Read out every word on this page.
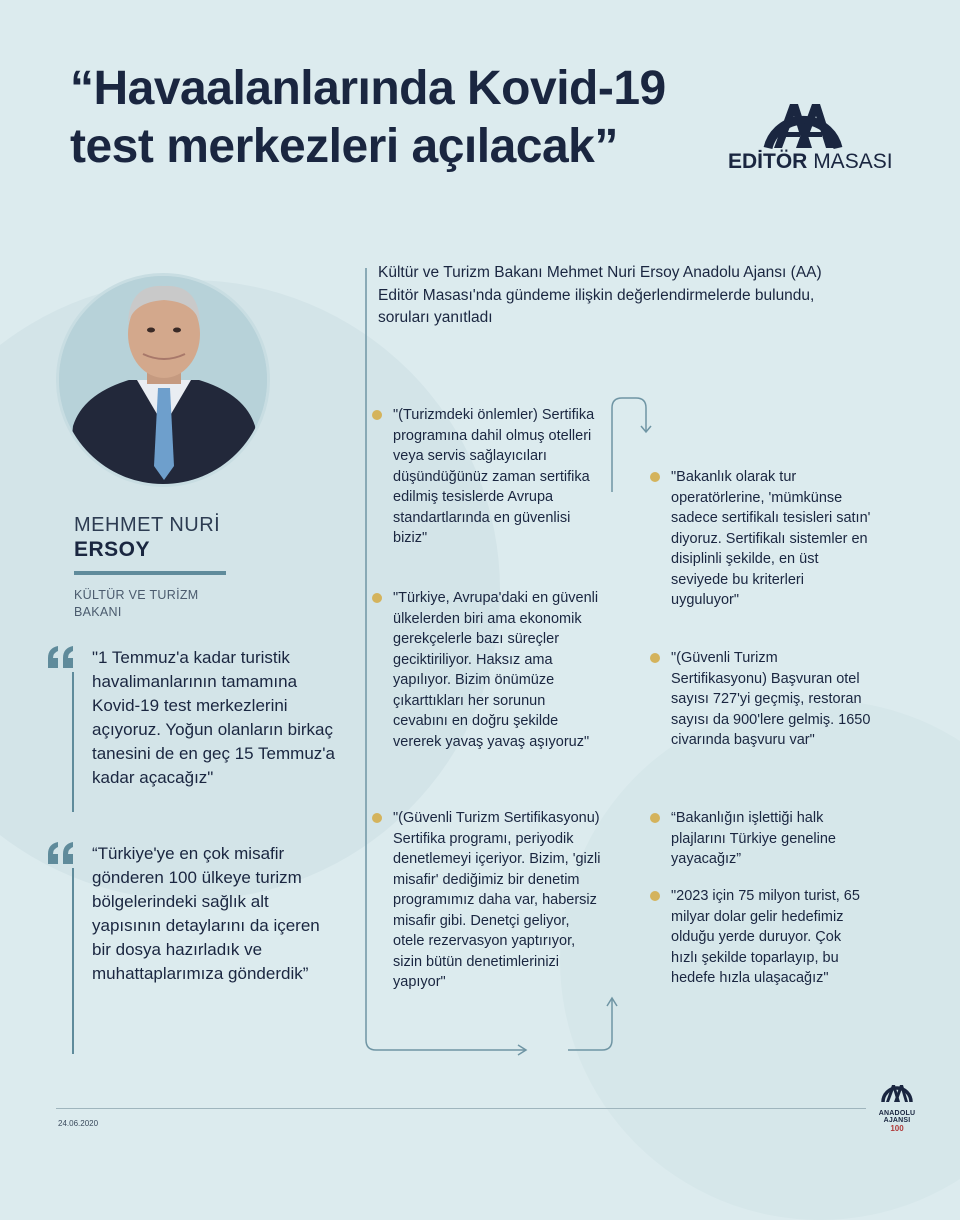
“Havaalanlarında Kovid-19
test merkezleri açılacak”	EDİTÖR MASASI
MEHMET NURİ
ERSOY
KÜLTÜR VE TURİZM
BAKANI
"1 Temmuz'a kadar turistik havalimanlarının tamamına Kovid-19 test merkezlerini açıyoruz. Yoğun olanların birkaç tanesini de en geç 15 Temmuz'a kadar açacağız"
“Türkiye'ye en çok misafir gönderen 100 ülkeye turizm bölgelerindeki sağlık alt yapısının detaylarını da içeren bir dosya hazırladık ve muhattaplarımıza gönderdik”
Kültür ve Turizm Bakanı Mehmet Nuri Ersoy Anadolu Ajansı (AA) Editör Masası'nda gündeme ilişkin değerlendirmelerde bulundu, soruları yanıtladı
"(Turizmdeki önlemler) Sertifika programına dahil olmuş otelleri veya servis sağlayıcıları düşündüğünüz zaman sertifika edilmiş tesislerde Avrupa standartlarında en güvenlisi biziz"
"Türkiye, Avrupa'daki en güvenli ülkelerden biri ama ekonomik gerekçelerle bazı süreçler geciktiriliyor. Haksız ama yapılıyor. Bizim önümüze çıkarttıkları her sorunun cevabını en doğru şekilde vererek yavaş yavaş aşıyoruz"
"(Güvenli Turizm Sertifikasyonu) Sertifika programı, periyodik denetlemeyi içeriyor. Bizim, 'gizli misafir' dediğimiz bir denetim programımız daha var, habersiz misafir gibi. Denetçi geliyor, otele rezervasyon yaptırıyor, sizin bütün denetimlerinizi yapıyor"
"Bakanlık olarak tur operatörlerine, 'mümkünse sadece sertifikalı tesisleri satın' diyoruz. Sertifikalı sistemler en disiplinli şekilde, en üst seviyede bu kriterleri uyguluyor"
"(Güvenli Turizm Sertifikasyonu) Başvuran otel sayısı 727'yi geçmiş, restoran sayısı da 900'lere gelmiş. 1650 civarında başvuru var"
“Bakanlığın işlettiği halk plajlarını Türkiye geneline yayacağız”
"2023 için 75 milyon turist, 65 milyar dolar gelir hedefimiz olduğu yerde duruyor. Çok hızlı şekilde toparlayıp, bu hedefe hızla ulaşacağız"
24.06.2020
ANADOLU AJANSI
100
